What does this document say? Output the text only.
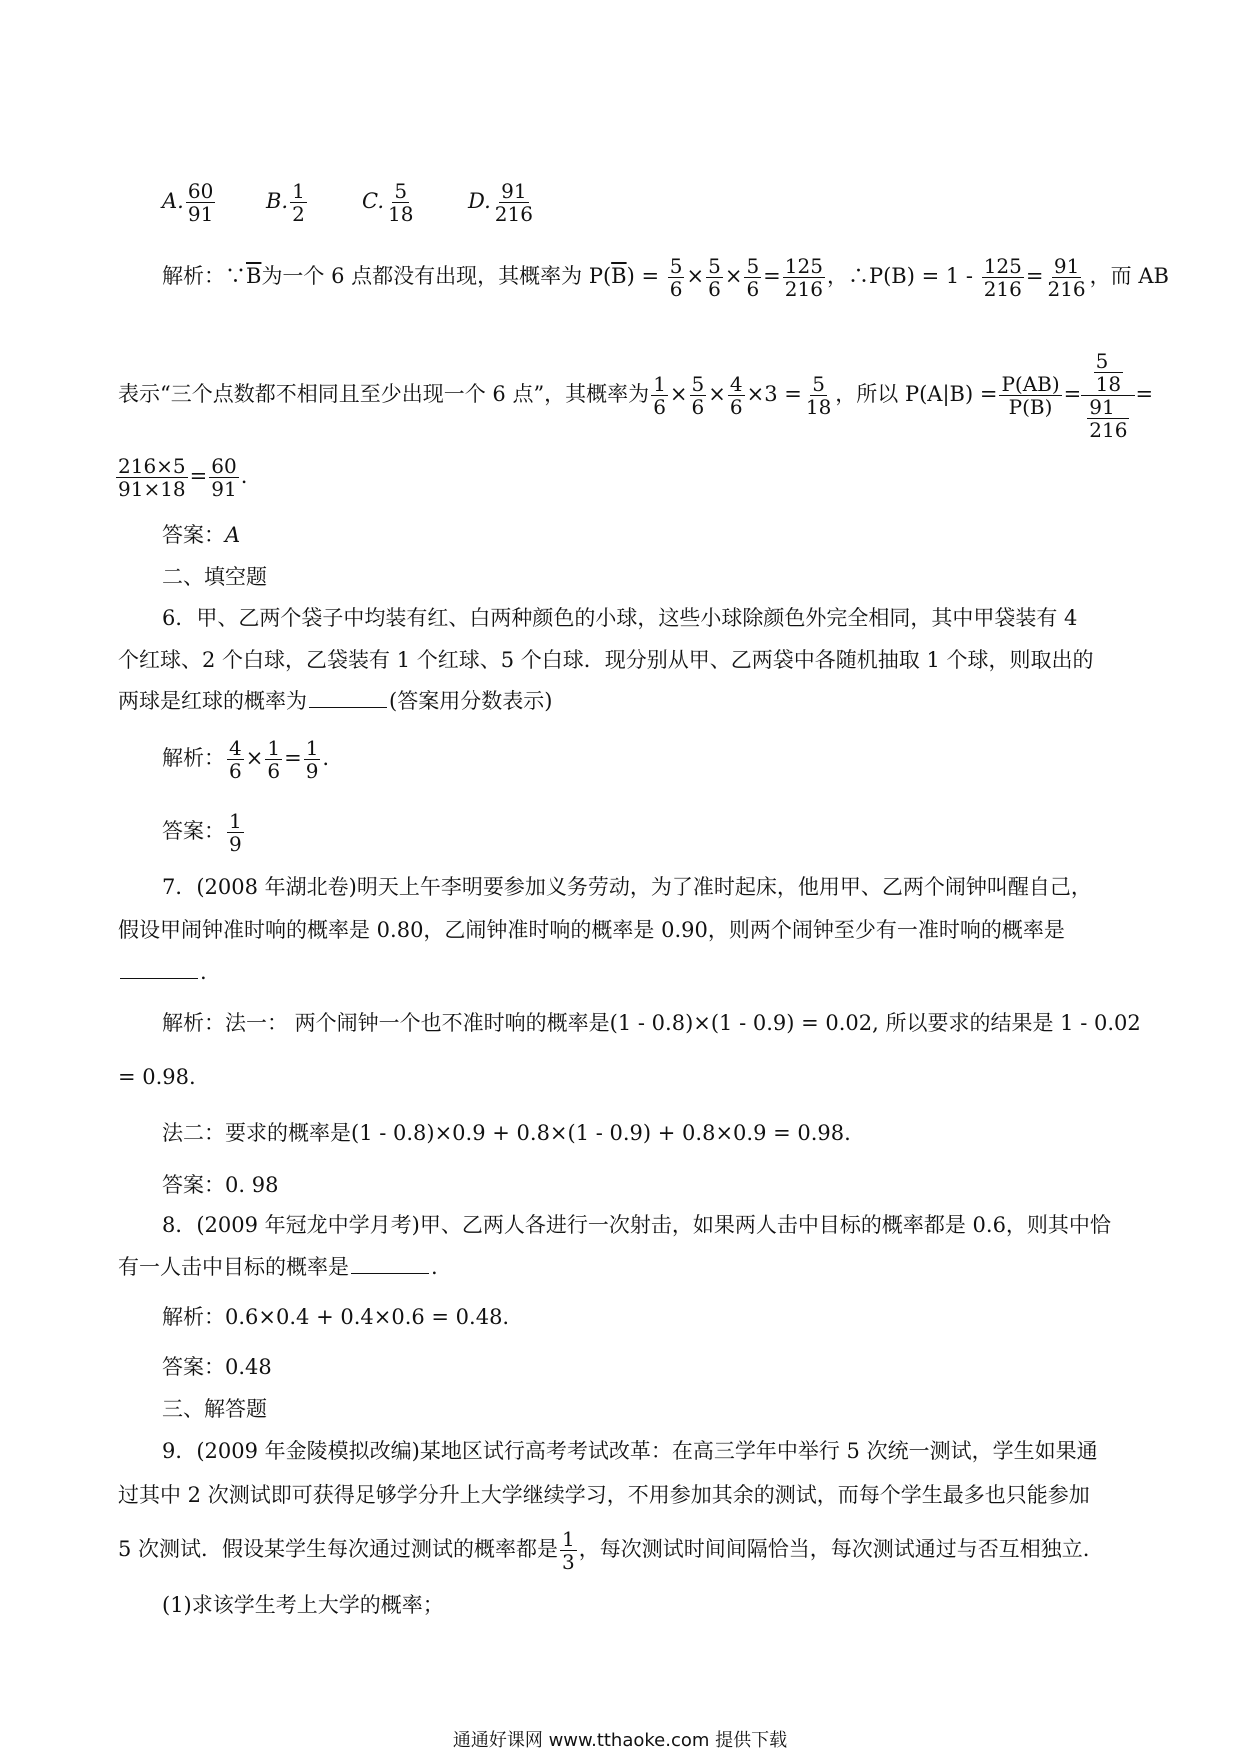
A. $\frac{60}{91} B$. $\frac{1}{2}$	C. $\frac{5}{18}$	D. $\frac{91}{216}$
解析：$\because\overline{B}$为一个 6 点都没有出现，其概率为 $P(\overline{B}) = \frac{5}{6} \times \frac{5}{6} \times \frac{5}{6} = \frac{125}{216}$ ，∴P(B) = $1 - \frac{125}{216} = \frac{91}{216}$ ，而 AB
表示“三个点数都不相同且至少出现一个 6 点”，其概率为 $\frac{1}{6} \times \frac{5}{6} \times \frac{4}{6} \times 3 = \frac{5}{18}$ ，所以 $P(A|B) = \frac{P(AB)}{P(B)} = \frac{\frac{5}{18}}{\frac{91}{216}}$ =
$\frac{216\times 5}{91\times 18} = \frac{60}{91}$ .
答案：A
二、填空题
6．甲、乙两个袋子中均装有红、白两种颜色的小球，这些小球除颜色外完全相同，其中甲袋装有 4
个红球、2 个白球，乙袋装有 1 个红球、5 个白球．现分别从甲、乙两袋中各随机抽取 1 个球，则取出的
两球是红球的概率为	(答案用分数表示)
解析： $\frac{4}{6} \times \frac{1}{6} = \frac{1}{9}$ .
答案： $\frac{1}{9}$
7．(2008 年湖北卷)明天上午李明要参加义务劳动，为了准时起床，他用甲、乙两个闹钟叫醒自己，
假设甲闹钟准时响的概率是 0.80，乙闹钟准时响的概率是 0.90，则两个闹钟至少有一准时响的概率是
.
解析：法一： 两个闹钟一个也不准时响的概率是(1 - 0.8)×(1 - 0.9) = 0.02, 所以要求的结果是 1 - 0.02
= 0.98.
法二：要求的概率是(1 - 0.8)×0.9 + 0.8×(1 - 0.9) + 0.8×0.9 = 0.98.
答案：0. 98
8．(2009 年冠龙中学月考)甲、乙两人各进行一次射击，如果两人击中目标的概率都是 0.6，则其中恰
有一人击中目标的概率是	.
解析：0.6×0.4 + 0.4×0.6 = 0.48.
答案：0.48
三、解答题
9．(2009 年金陵模拟改编)某地区试行高考考试改革：在高三学年中举行 5 次统一测试，学生如果通
过其中 2 次测试即可获得足够学分升上大学继续学习，不用参加其余的测试，而每个学生最多也只能参加
5 次测试．假设某学生每次通过测试的概率都是 $\frac{1}{3}$ ，每次测试时间间隔恰当，每次测试通过与否互相独立.
(1)求该学生考上大学的概率；
通通好课网 www.tthaoke.com 提供下载
